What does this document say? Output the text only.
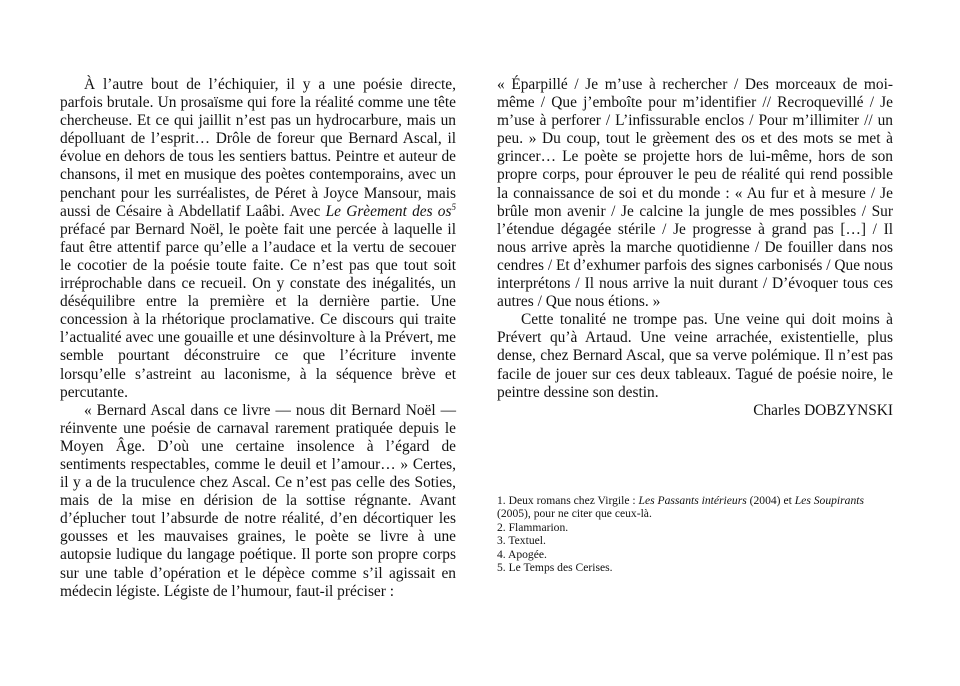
À l’autre bout de l’échiquier, il y a une poésie directe, parfois brutale. Un prosaïsme qui fore la réalité comme une tête chercheuse. Et ce qui jaillit n’est pas un hydrocarbure, mais un dépolluant de l’esprit… Drôle de foreur que Bernard Ascal, il évolue en dehors de tous les sentiers battus. Peintre et auteur de chansons, il met en musique des poètes contemporains, avec un penchant pour les surréalistes, de Péret à Joyce Mansour, mais aussi de Césaire à Abdellatif Laâbi. Avec Le Grèement des $os^5$ préfacé par Bernard Noël, le poète fait une percée à laquelle il faut être attentif parce qu’elle a l’audace et la vertu de secouer le cocotier de la poésie toute faite. Ce n’est pas que tout soit irréprochable dans ce recueil. On y constate des inégalités, un déséquilibre entre la première et la dernière partie. Une concession à la rhétorique proclamative. Ce discours qui traite l’actualité avec une gouaille et une désinvolture à la Prévert, me semble pourtant déconstruire ce que l’écriture invente lorsqu’elle s’astreint au laconisme, à la séquence brève et percutante.

« Bernard Ascal dans ce livre — nous dit Bernard Noël — réinvente une poésie de carnaval rarement pratiquée depuis le Moyen Âge. D’où une certaine insolence à l’égard de sentiments respectables, comme le deuil et l’amour… » Certes, il y a de la truculence chez Ascal. Ce n’est pas celle des Soties, mais de la mise en dérision de la sottise régnante. Avant d’éplucher tout l’absurde de notre réalité, d’en décortiquer les gousses et les mauvaises graines, le poète se livre à une autopsie ludique du langage poétique. Il porte son propre corps sur une table d’opération et le dépèce comme s’il agissait en médecin légiste. Légiste de l’humour, faut-il préciser :

« Éparpillé / Je m’use à rechercher / Des morceaux de moi-même / Que j’emboîte pour m’identifier // Recroquevillé / Je m’use à perforer / L’infissurable enclos / Pour m’illimiter // un peu. » Du coup, tout le grèement des os et des mots se met à grincer… Le poète se projette hors de lui-même, hors de son propre corps, pour éprouver le peu de réalité qui rend possible la connaissance de soi et du monde : « Au fur et à mesure / Je brûle mon avenir / Je calcine la jungle de mes possibles / Sur l’étendue dégagée stérile / Je progresse à grand pas […] / Il nous arrive après la marche quotidienne / De fouiller dans nos cendres / Et d’exhumer parfois des signes carbonisés / Que nous interprétons / Il nous arrive la nuit durant / D’évoquer tous ces autres / Que nous étions. »

Cette tonalité ne trompe pas. Une veine qui doit moins à Prévert qu’à Artaud. Une veine arrachée, existentielle, plus dense, chez Bernard Ascal, que sa verve polémique. Il n’est pas facile de jouer sur ces deux tableaux. Tagué de poésie noire, le peintre dessine son destin.

Charles DOBZYNSKI

1. Deux romans chez Virgile : Les Passants intérieurs (2004) et Les Soupirants (2005), pour ne citer que ceux-là.

2. Flammarion.

3. Textuel.

4. Apogée.

5. Le Temps des Cerises.
